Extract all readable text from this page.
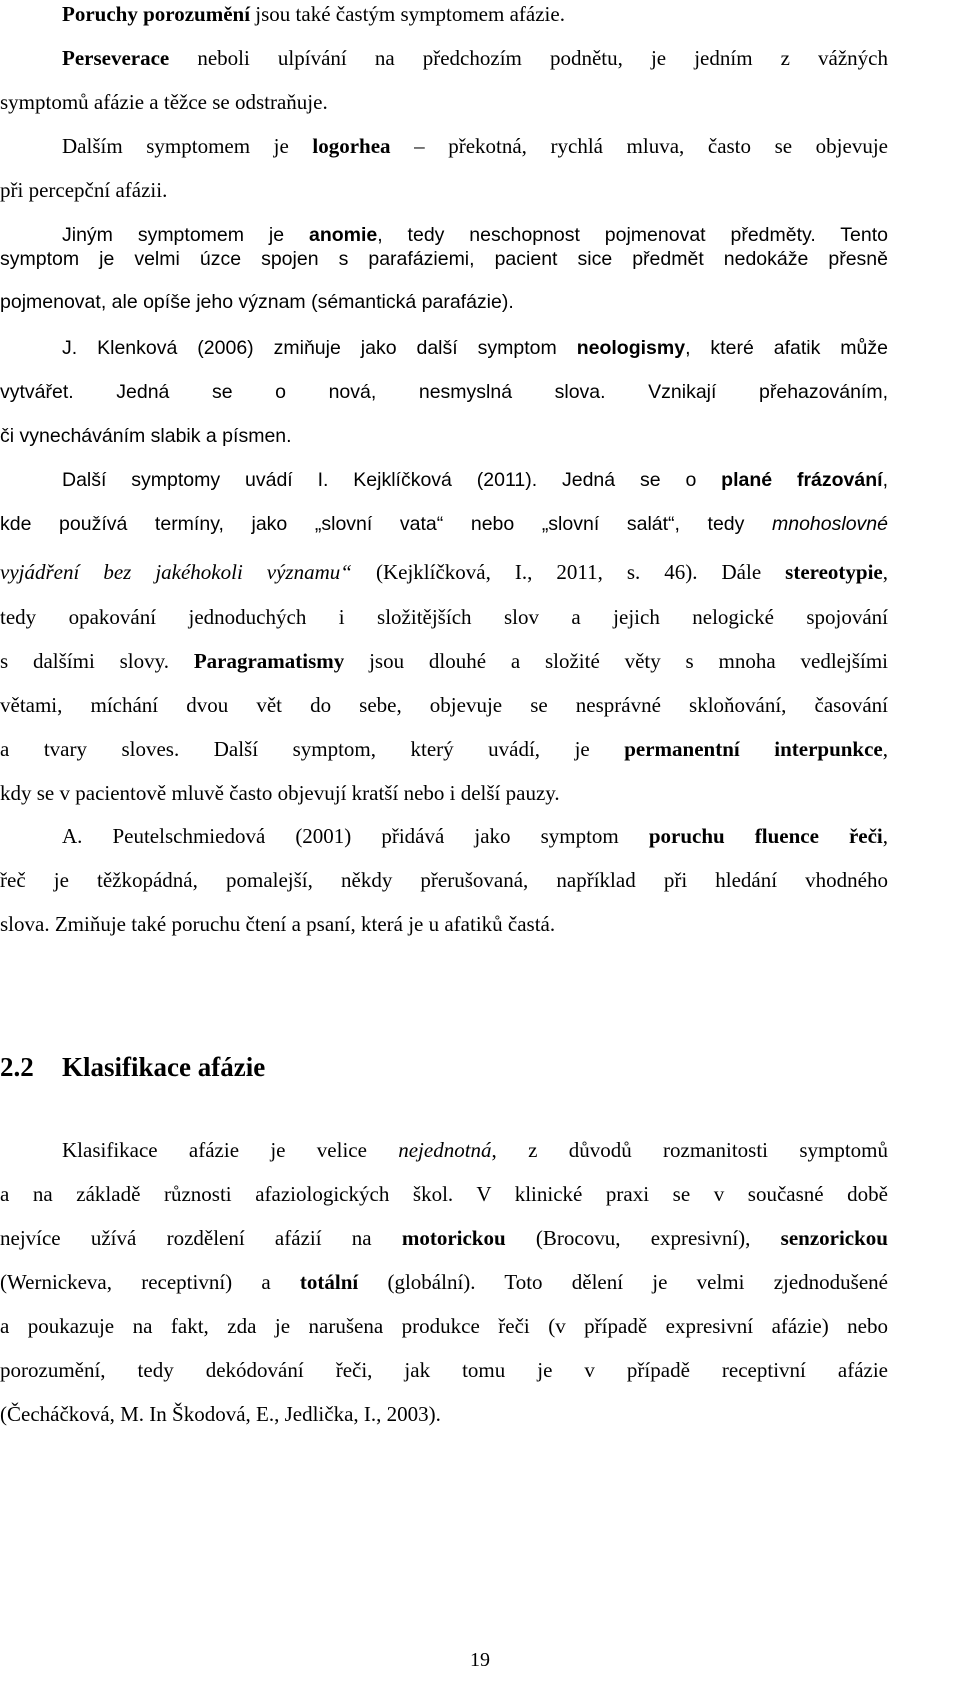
Poruchy porozumění jsou také častým symptomem afázie.

Perseverace neboli ulpívání na předchozím podnětu, je jedním z vážných

symptomů afázie a těžce se odstraňuje.

Dalším symptomem je logorhea – překotná, rychlá mluva, často se objevuje

při percepční afázii.

Jiným symptomem je anomie, tedy neschopnost pojmenovat předměty. Tento

symptom je velmi úzce spojen s parafáziemi, pacient sice předmět nedokáže přesně

pojmenovat, ale opíše jeho význam (sémantická parafázie).

J. Klenková (2006) zmiňuje jako další symptom neologismy, které afatik může

vytvářet. Jedná se o nová, nesmyslná slova. Vznikají přehazováním,

či vynecháváním slabik a písmen.

Další symptomy uvádí I. Kejklíčková (2011). Jedná se o plané frázování,

kde používá termíny, jako „slovní vata“ nebo „slovní salát“, tedy mnohoslovné

vyjádření bez jakéhokoli významu“ (Kejklíčková, I., 2011, s. 46). Dále stereotypie,

tedy opakování jednoduchých i složitějších slov a jejich nelogické spojování

s dalšími slovy. Paragramatismy jsou dlouhé a složité věty s mnoha vedlejšími

větami, míchání dvou vět do sebe, objevuje se nesprávné skloňování, časování

a tvary sloves. Další symptom, který uvádí, je permanentní interpunkce,

kdy se v pacientově mluvě často objevují kratší nebo i delší pauzy.

A. Peutelschmiedová (2001) přidává jako symptom poruchu fluence řeči,

řeč je těžkopádná, pomalejší, někdy přerušovaná, například při hledání vhodného

slova. Zmiňuje také poruchu čtení a psaní, která je u afatiků častá.

Klasifikace afázie je velice nejednotná, z důvodů rozmanitosti symptomů

a na základě různosti afaziologických škol. V klinické praxi se v současné době

nejvíce užívá rozdělení afázií na motorickou (Brocovu, expresivní), senzorickou

(Wernickeva, receptivní) a totální (globální). Toto dělení je velmi zjednodušené

a poukazuje na fakt, zda je narušena produkce řeči (v případě expresivní afázie) nebo

porozumění, tedy dekódování řeči, jak tomu je v případě receptivní afázie

(Čecháčková, M. In Škodová, E., Jedlička, I., 2003).

2.2 Klasifikace afázie
19
